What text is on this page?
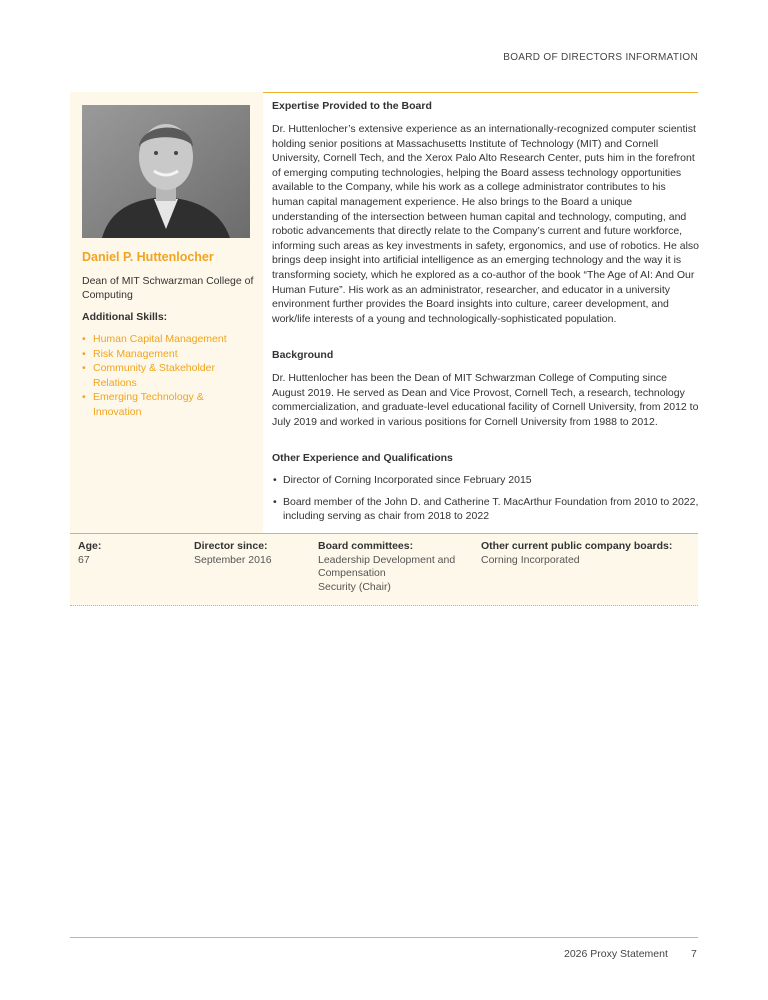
BOARD OF DIRECTORS INFORMATION
Daniel P. Huttenlocher
Dean of MIT Schwarzman College of Computing
Additional Skills:
• Human Capital Management
• Risk Management
• Community & Stakeholder Relations
• Emerging Technology & Innovation
Expertise Provided to the Board

Dr. Huttenlocher’s extensive experience as an internationally-recognized computer scientist holding senior positions at Massachusetts Institute of Technology (MIT) and Cornell University, Cornell Tech, and the Xerox Palo Alto Research Center, puts him in the forefront of emerging computing technologies, helping the Board assess technology opportunities available to the Company, while his work as a college administrator contributes to his human capital management experience. He also brings to the Board a unique understanding of the intersection between human capital and technology, computing, and robotic advancements that directly relate to the Company’s current and future workforce, informing such areas as key investments in safety, ergonomics, and use of robotics. He also brings deep insight into artificial intelligence as an emerging technology and the way it is transforming society, which he explored as a co-author of the book “The Age of AI: And Our Human Future”. His work as an administrator, researcher, and educator in a university environment further provides the Board insights into culture, career development, and work/life interests of a young and technologically-sophisticated population.

Background

Dr. Huttenlocher has been the Dean of MIT Schwarzman College of Computing since August 2019. He served as Dean and Vice Provost, Cornell Tech, a research, technology commercialization, and graduate-level educational facility of Cornell University, from 2012 to July 2019 and worked in various positions for Cornell University from 1988 to 2012.

Other Experience and Qualifications
• Director of Corning Incorporated since February 2015
• Board member of the John D. and Catherine T. MacArthur Foundation from 2010 to 2022, including serving as chair from 2018 to 2022
Age:
67
Director since:
September 2016
Board committees:
Leadership Development and Compensation
Security (Chair)
Other current public company boards:
Corning Incorporated
2026 Proxy Statement 7
